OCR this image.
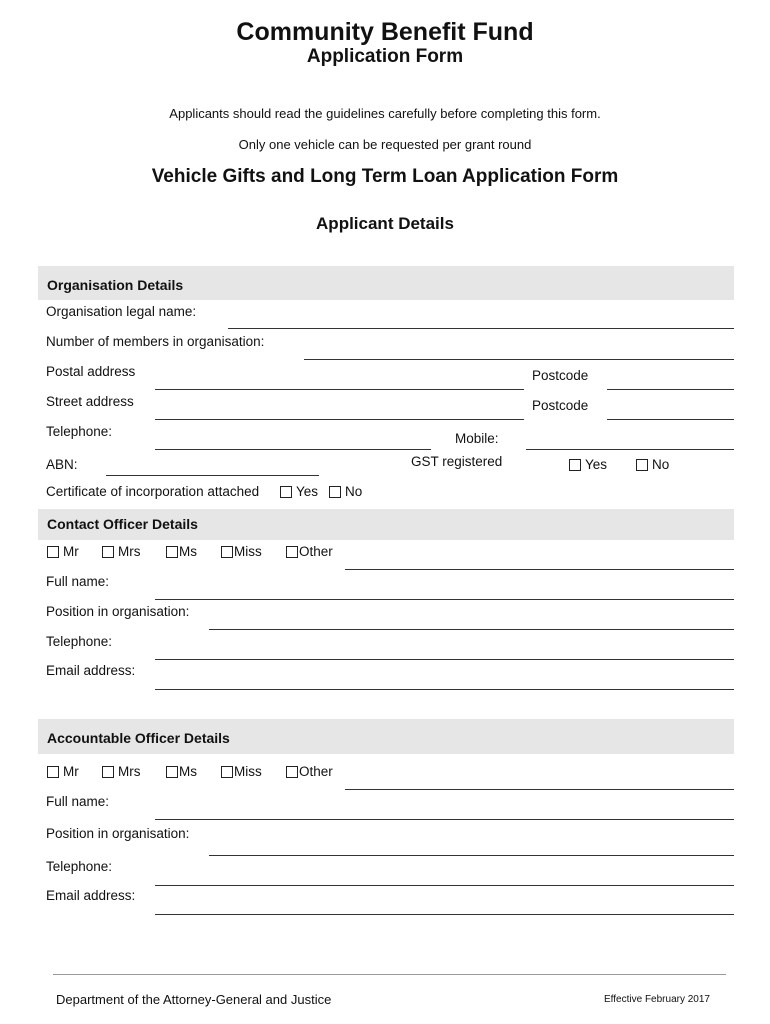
Community Benefit Fund
Application Form
Applicants should read the guidelines carefully before completing this form.
Only one vehicle can be requested per grant round
Vehicle Gifts and Long Term Loan Application Form
Applicant Details
Organisation Details
Organisation legal name:
Number of members in organisation:
Postal address	Postcode
Street address	Postcode
Telephone:	Mobile:
ABN:	GST registered	Yes	No
Certificate of incorporation attached	Yes	No
Contact Officer Details
Mr	Mrs	Ms	Miss	Other
Full name:
Position in organisation:
Telephone:
Email address:
Accountable Officer Details
Mr	Mrs	Ms	Miss	Other
Full name:
Position in organisation:
Telephone:
Email address:
Department of the Attorney-General and Justice	Effective February 2017
